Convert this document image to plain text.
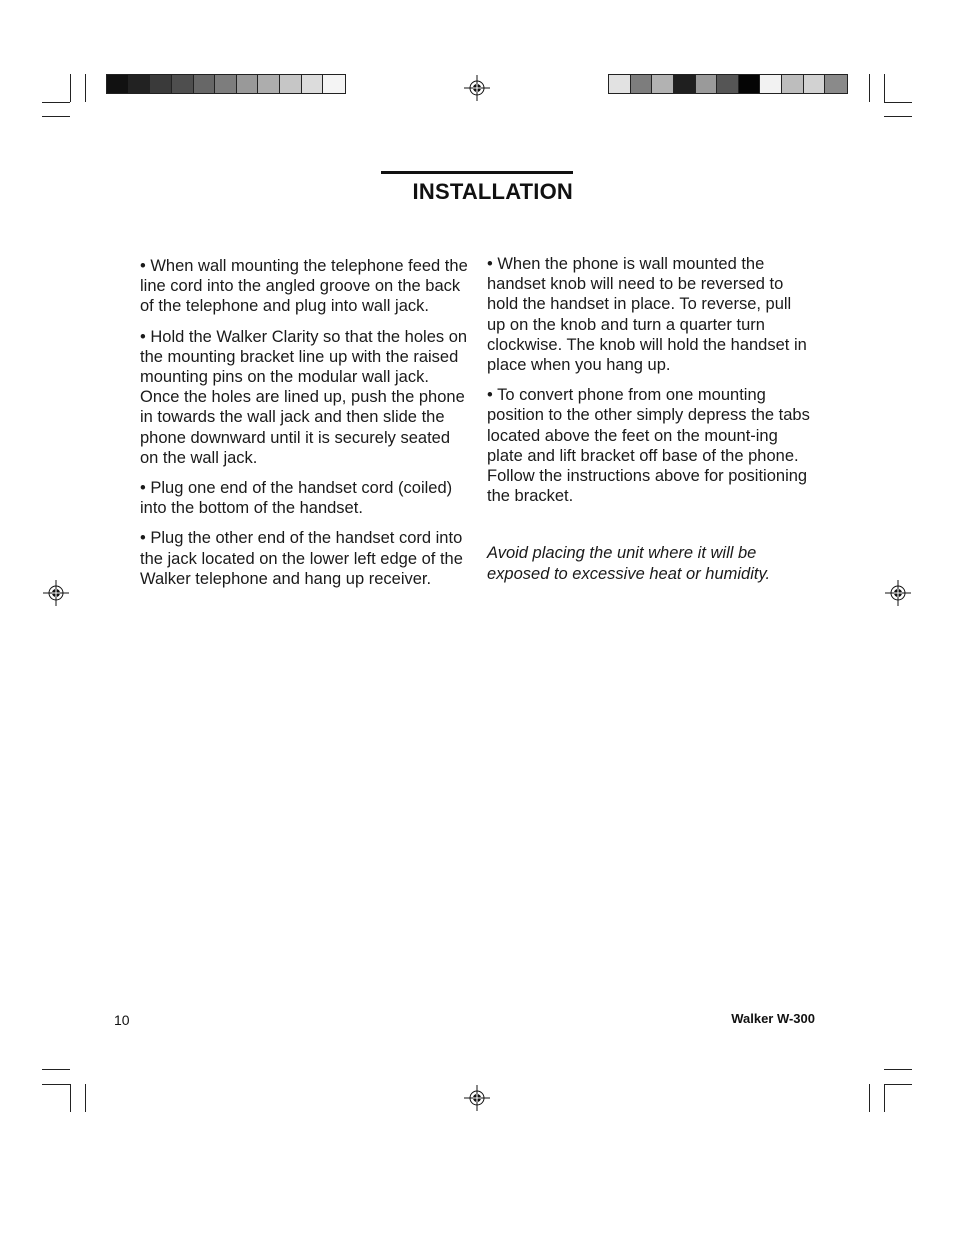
INSTALLATION

• When wall mounting the telephone feed the line cord into the angled groove on the back of the telephone and plug into wall jack.

• Hold the Walker Clarity so that the holes on the mounting bracket line up with the raised mounting pins on the modular wall jack. Once the holes are lined up, push the phone in towards the wall jack and then slide the phone downward until it is securely seated on the wall jack.

• Plug one end of the handset cord (coiled) into the bottom of the handset.

• Plug the other end of the handset cord into the jack located on the lower left edge of the Walker telephone and hang up receiver.

• When the phone is wall mounted the handset knob will need to be reversed to hold the handset in place. To reverse, pull up on the knob and turn a quarter turn clockwise. The knob will hold the handset in place when you hang up.

• To convert phone from one mounting position to the other simply depress the tabs located above the feet on the mount-ing plate and lift bracket off base of the phone. Follow the instructions above for positioning the bracket.

Avoid placing the unit where it will be exposed to excessive heat or humidity.

10	Walker W-300
